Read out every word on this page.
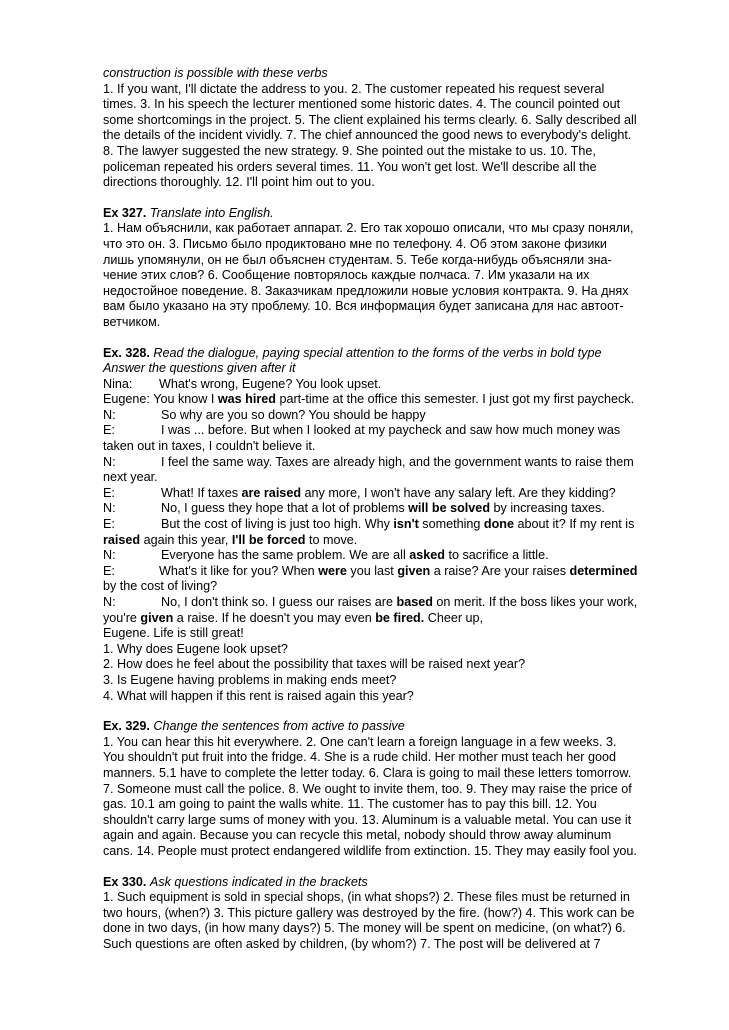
construction is possible with these verbs
1. If you want, I'll dictate the address to you. 2. The customer repeated his request several
times. 3. In his speech the lecturer mentioned some historic dates. 4. The council pointed out
some shortcomings in the project. 5. The client explained his terms clearly. 6. Sally described all
the details of the incident vividly. 7. The chief announced the good news to everybody's delight.
8. The lawyer suggested the new strategy. 9. She pointed out the mistake to us. 10. The,
policeman repeated his orders several times. 11. You won't get lost. We'll describe all the
directions thoroughly. 12. I'll point him out to you.
Ex 327. Translate into English.
1. Нам объяснили, как работает аппарат. 2. Его так хорошо описали, что мы сразу поняли,
что это он. 3. Письмо было продиктовано мне по телефону. 4. Об этом законе физики
лишь упомянули, он не был объяснен студентам. 5. Тебе когда-нибудь объясняли зна-
чение этих слов? 6. Сообщение повторялось каждые полчаса. 7. Им указали на их
недостойное поведение. 8. Заказчикам предложили новые условия контракта. 9. На днях
вам было указано на эту проблему. 10. Вся информация будет записана для нас автоот-
ветчиком.
Ex. 328. Read the dialogue, paying special attention to the forms of the verbs in bold type
Answer the questions given after it
Nina: What's wrong, Eugene? You look upset.
Eugene: You know I was hired part-time at the office this semester. I just got my first paycheck.
N:	So why are you so down? You should be happy
E:	I was ... before. But when I looked at my paycheck and saw how much money was
taken out in taxes, I couldn't believe it.
N:	I feel the same way. Taxes are already high, and the government wants to raise them
next year.
E:	What! If taxes are raised any more, I won't have any salary left. Are they kidding?
N:	No, I guess they hope that a lot of problems will be solved by increasing taxes.
E:	But the cost of living is just too high. Why isn't something done about it? If my rent is
raised again this year, I'll be forced to move.
N:	Everyone has the same problem. We are all asked to sacrifice a little.
E:	What's it like for you? When were you last given a raise? Are your raises determined
by the cost of living?
N:	No, I don't think so. I guess our raises are based on merit. If the boss likes your work,
you're given a raise. If he doesn't you may even be fired. Cheer up,
Eugene. Life is still great!
1. Why does Eugene look upset?
2. How does he feel about the possibility that taxes will be raised next year?
3. Is Eugene having problems in making ends meet?
4. What will happen if this rent is raised again this year?
Ex. 329. Change the sentences from active to passive
1. You can hear this hit everywhere. 2. One can't learn a foreign language in a few weeks. 3.
You shouldn't put fruit into the fridge. 4. She is a rude child. Her mother must teach her good
manners. 5.1 have to complete the letter today. 6. Clara is going to mail these letters tomorrow.
7. Someone must call the police. 8. We ought to invite them, too. 9. They may raise the price of
gas. 10.1 am going to paint the walls white. 11. The customer has to pay this bill. 12. You
shouldn't carry large sums of money with you. 13. Aluminum is a valuable metal. You can use it
again and again. Because you can recycle this metal, nobody should throw away aluminum
cans. 14. People must protect endangered wildlife from extinction. 15. They may easily fool you.
Ex 330. Ask questions indicated in the brackets
1. Such equipment is sold in special shops, (in what shops?) 2. These files must be returned in
two hours, (when?) 3. This picture gallery was destroyed by the fire. (how?) 4. This work can be
done in two days, (in how many days?) 5. The money will be spent on medicine, (on what?) 6.
Such questions are often asked by children, (by whom?) 7. The post will be delivered at 7
